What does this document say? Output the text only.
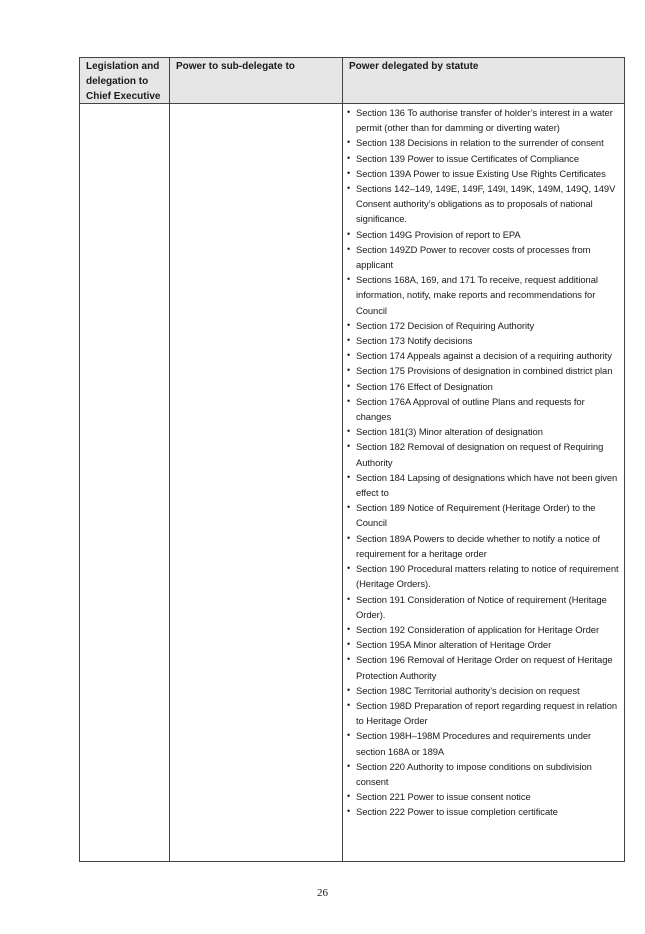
Legislation and delegation to Chief Executive
Power to sub-delegate to	Power delegated by statute
• Section 136 To authorise transfer of holder’s interest in a water permit (other than for damming or diverting water)
• Section 138 Decisions in relation to the surrender of consent
• Section 139 Power to issue Certificates of Compliance
• Section 139A Power to issue Existing Use Rights Certificates
• Sections 142–149, 149E, 149F, 149I, 149K, 149M, 149Q, 149V Consent authority’s obligations as to proposals of national significance.
• Section 149G Provision of report to EPA
• Section 149ZD Power to recover costs of processes from applicant
• Sections 168A, 169, and 171 To receive, request additional information, notify, make reports and recommendations for Council
• Section 172 Decision of Requiring Authority
• Section 173 Notify decisions
• Section 174 Appeals against a decision of a requiring authority
• Section 175 Provisions of designation in combined district plan
• Section 176 Effect of Designation
• Section 176A Approval of outline Plans and requests for changes
• Section 181(3) Minor alteration of designation
• Section 182 Removal of designation on request of Requiring Authority
• Section 184 Lapsing of designations which have not been given effect to
• Section 189 Notice of Requirement (Heritage Order) to the Council
• Section 189A Powers to decide whether to notify a notice of requirement for a heritage order
• Section 190 Procedural matters relating to notice of requirement (Heritage Orders).
• Section 191 Consideration of Notice of requirement (Heritage Order).
• Section 192 Consideration of application for Heritage Order
• Section 195A Minor alteration of Heritage Order
• Section 196 Removal of Heritage Order on request of Heritage Protection Authority
• Section 198C Territorial authority’s decision on request
• Section 198D Preparation of report regarding request in relation to Heritage Order
• Section 198H–198M Procedures and requirements under section 168A or 189A
• Section 220 Authority to impose conditions on subdivision consent
• Section 221 Power to issue consent notice
• Section 222 Power to issue completion certificate
26
